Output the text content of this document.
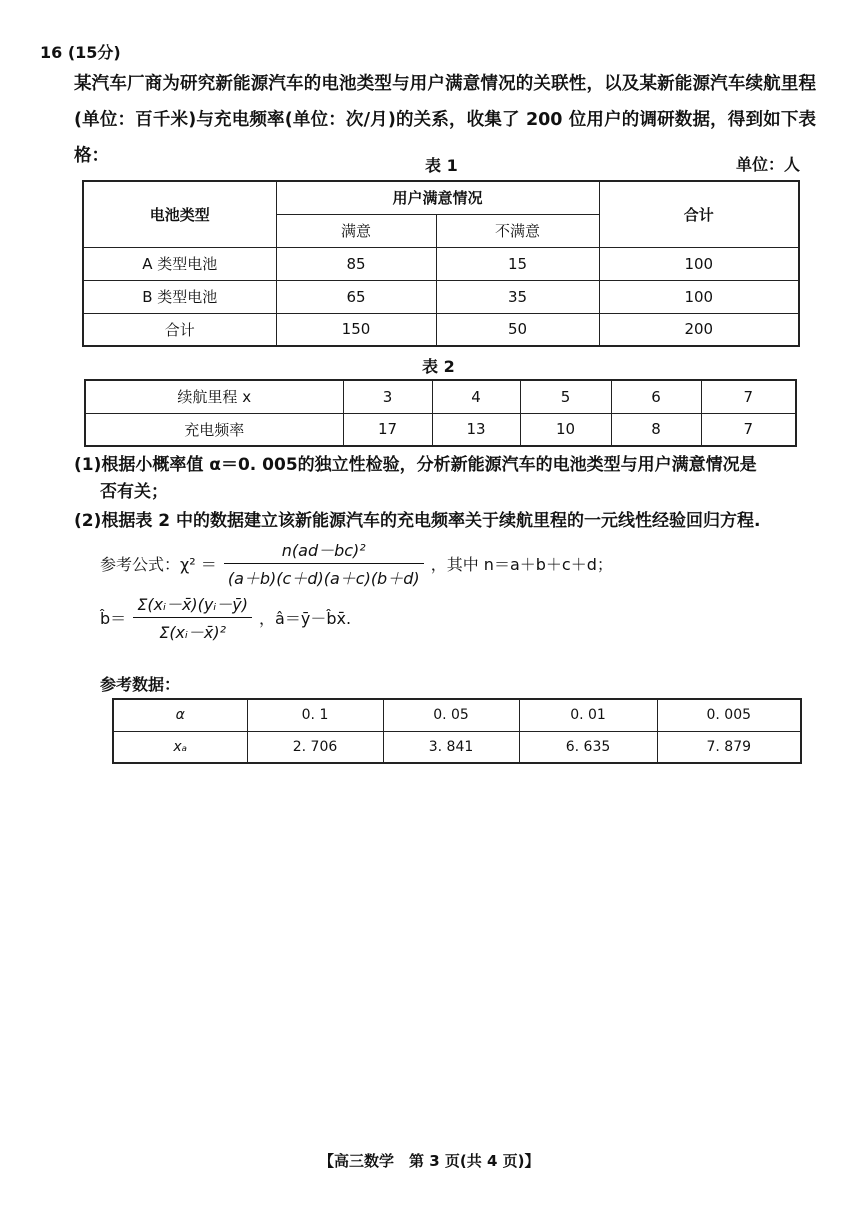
16 (15分)
某汽车厂商为研究新能源汽车的电池类型与用户满意情况的关联性，以及某新能源汽车续航里程(单位：百千米)与充电频率(单位：次/月)的关系，收集了 200 位用户的调研数据，得到如下表格：	表 1	单位：人
电池类型	用户满意情况		合计
	满意	不满意	
A 类型电池	85	15	100
B 类型电池	65	35	100
合计	150	50	200
表 2
续航里程 x	3	4	5	6	7
充电频率	17	13	10	8	7
(1)根据小概率值 α＝0. 005的独立性检验，分析新能源汽车的电池类型与用户满意情况是
否有关；
(2)根据表 2 中的数据建立该新能源汽车的充电频率关于续航里程的一元线性经验回归方程.
参考公式：$\chi^2 = \frac{\text{n(ad－bc)²}}{(a+b)(c+d)(a+c)(b+d)}$ ，其中 n＝a＋b＋c＋d；
b̂＝ $\frac{\text{Σ(xᵢ－x̄)(yᵢ－ȳ)}}{\text{Σ(xᵢ－x̄)²}}$ ，â＝ȳ－b̂x̄.
参考数据：
α	0. 1	0. 05	0. 01	0. 005
xₐ	2. 706	3. 841	6. 635	7. 879
【高三数学　第 3 页(共 4 页)】
